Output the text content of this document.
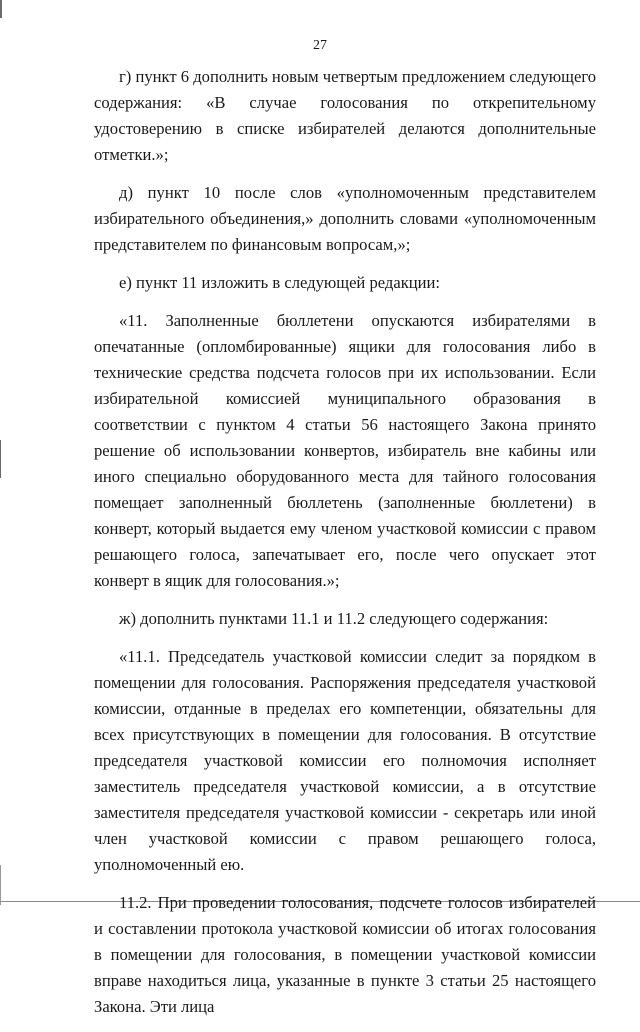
27

г) пункт 6 дополнить новым четвертым предложением следующего содержания: «В случае голосования по открепительному удостоверению в списке избирателей делаются дополнительные отметки.»;

д) пункт 10 после слов «уполномоченным представителем избирательного объединения,» дополнить словами «уполномоченным представителем по финансовым вопросам,»;

е) пункт 11 изложить в следующей редакции:

«11. Заполненные бюллетени опускаются избирателями в опечатанные (опломбированные) ящики для голосования либо в технические средства подсчета голосов при их использовании. Если избирательной комиссией муниципального образования в соответствии с пунктом 4 статьи 56 настоящего Закона принято решение об использовании конвертов, избиратель вне кабины или иного специально оборудованного места для тайного голосования помещает заполненный бюллетень (заполненные бюллетени) в конверт, который выдается ему членом участковой комиссии с правом решающего голоса, запечатывает его, после чего опускает этот конверт в ящик для голосования.»;

ж) дополнить пунктами 11.1 и 11.2 следующего содержания:

«11.1. Председатель участковой комиссии следит за порядком в помещении для голосования. Распоряжения председателя участковой комиссии, отданные в пределах его компетенции, обязательны для всех присутствующих в помещении для голосования. В отсутствие председателя участковой комиссии его полномочия исполняет заместитель председателя участковой комиссии, а в отсутствие заместителя председателя участковой комиссии - секретарь или иной член участковой комиссии с правом решающего голоса, уполномоченный ею.

11.2. При проведении голосования, подсчете голосов избирателей и составлении протокола участковой комиссии об итогах голосования в помещении для голосования, в помещении участковой комиссии вправе находиться лица, указанные в пункте 3 статьи 25 настоящего Закона. Эти лица
